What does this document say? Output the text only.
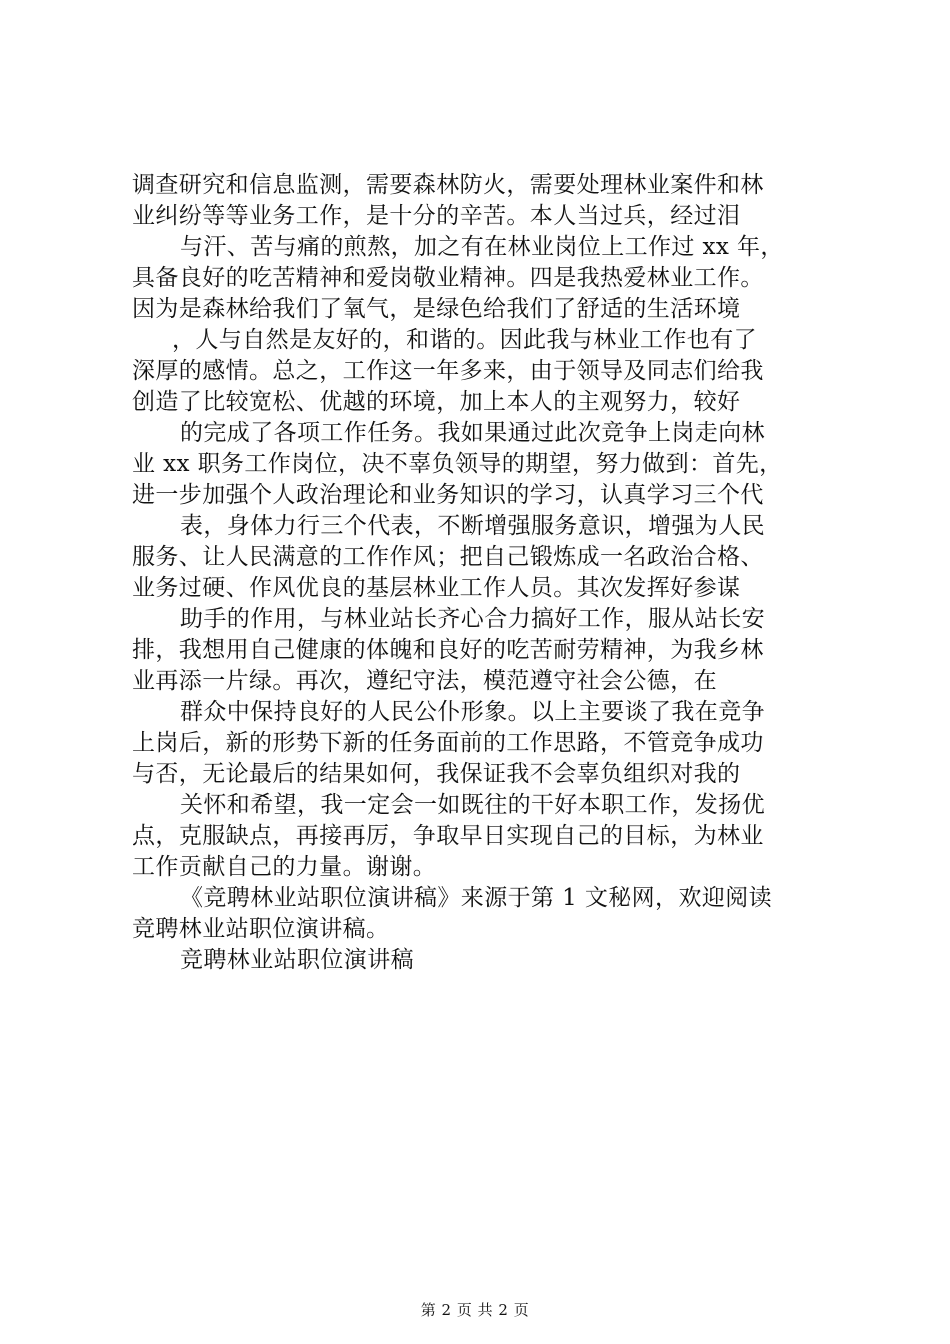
调查研究和信息监测，需要森林防火，需要处理林业案件和林
业纠纷等等业务工作，是十分的辛苦。本人当过兵，经过泪
与汗、苦与痛的煎熬，加之有在林业岗位上工作过 xx 年，
具备良好的吃苦精神和爱岗敬业精神。四是我热爱林业工作。
因为是森林给我们了氧气，是绿色给我们了舒适的生活环境
，人与自然是友好的，和谐的。因此我与林业工作也有了
深厚的感情。总之，工作这一年多来，由于领导及同志们给我
创造了比较宽松、优越的环境，加上本人的主观努力，较好
的完成了各项工作任务。我如果通过此次竞争上岗走向林
业 xx 职务工作岗位，决不辜负领导的期望，努力做到：首先，
进一步加强个人政治理论和业务知识的学习，认真学习三个代
表，身体力行三个代表，不断增强服务意识，增强为人民
服务、让人民满意的工作作风；把自己锻炼成一名政治合格、
业务过硬、作风优良的基层林业工作人员。其次发挥好参谋
助手的作用，与林业站长齐心合力搞好工作，服从站长安
排，我想用自己健康的体魄和良好的吃苦耐劳精神，为我乡林
业再添一片绿。再次，遵纪守法，模范遵守社会公德，在
群众中保持良好的人民公仆形象。以上主要谈了我在竞争
上岗后，新的形势下新的任务面前的工作思路，不管竞争成功
与否，无论最后的结果如何，我保证我不会辜负组织对我的
关怀和希望，我一定会一如既往的干好本职工作，发扬优
点，克服缺点，再接再厉，争取早日实现自己的目标，为林业
工作贡献自己的力量。谢谢。
《竞聘林业站职位演讲稿》来源于第 1 文秘网，欢迎阅读
竞聘林业站职位演讲稿。
竞聘林业站职位演讲稿
第 2 页 共 2 页
